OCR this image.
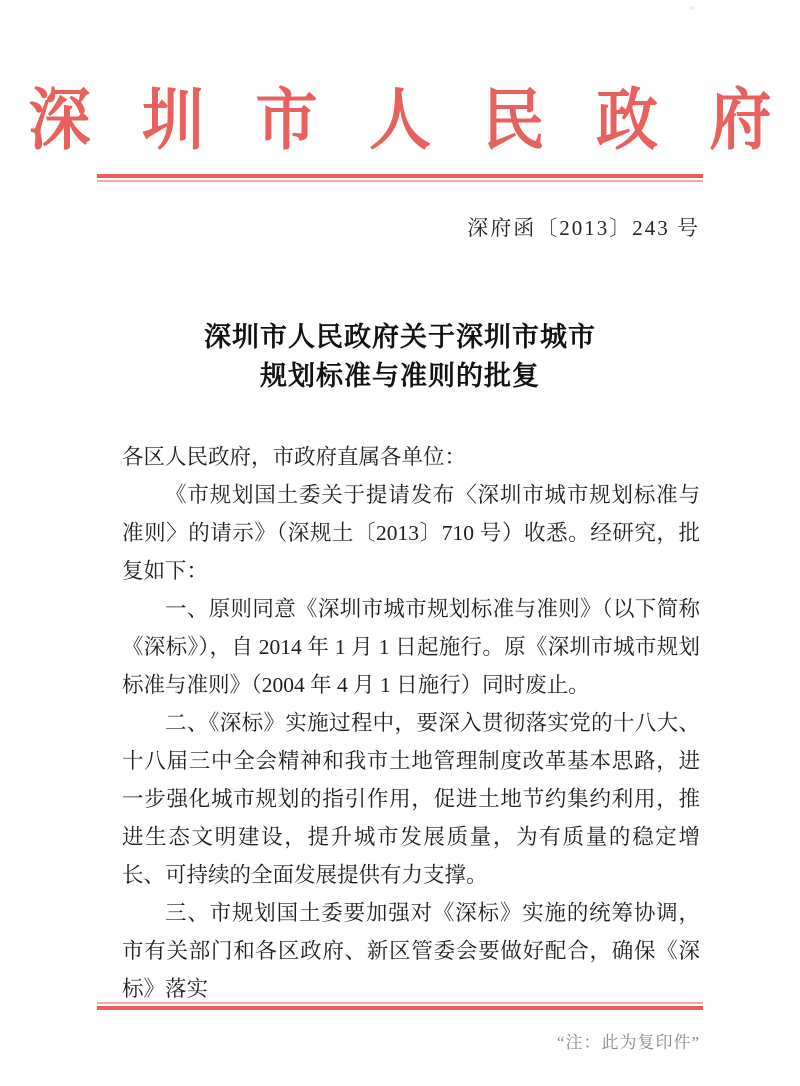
深 圳 市 人 民 政 府
深府函〔2013〕243 号
深圳市人民政府关于深圳市城市
规划标准与准则的批复

各区人民政府，市政府直属各单位：

《市规划国土委关于提请发布〈深圳市城市规划标准与准则〉的请示》（深规土〔2013〕710 号）收悉。经研究，批复如下：

一、原则同意《深圳市城市规划标准与准则》（以下简称《深标》），自 2014 年 1 月 1 日起施行。原《深圳市城市规划标准与准则》（2004 年 4 月 1 日施行）同时废止。

二、《深标》实施过程中，要深入贯彻落实党的十八大、十八届三中全会精神和我市土地管理制度改革基本思路，进一步强化城市规划的指引作用，促进土地节约集约利用，推进生态文明建设，提升城市发展质量，为有质量的稳定增长、可持续的全面发展提供有力支撑。

三、市规划国土委要加强对《深标》实施的统筹协调，市有关部门和各区政府、新区管委会要做好配合，确保《深标》落实

“注：此为复印件”
